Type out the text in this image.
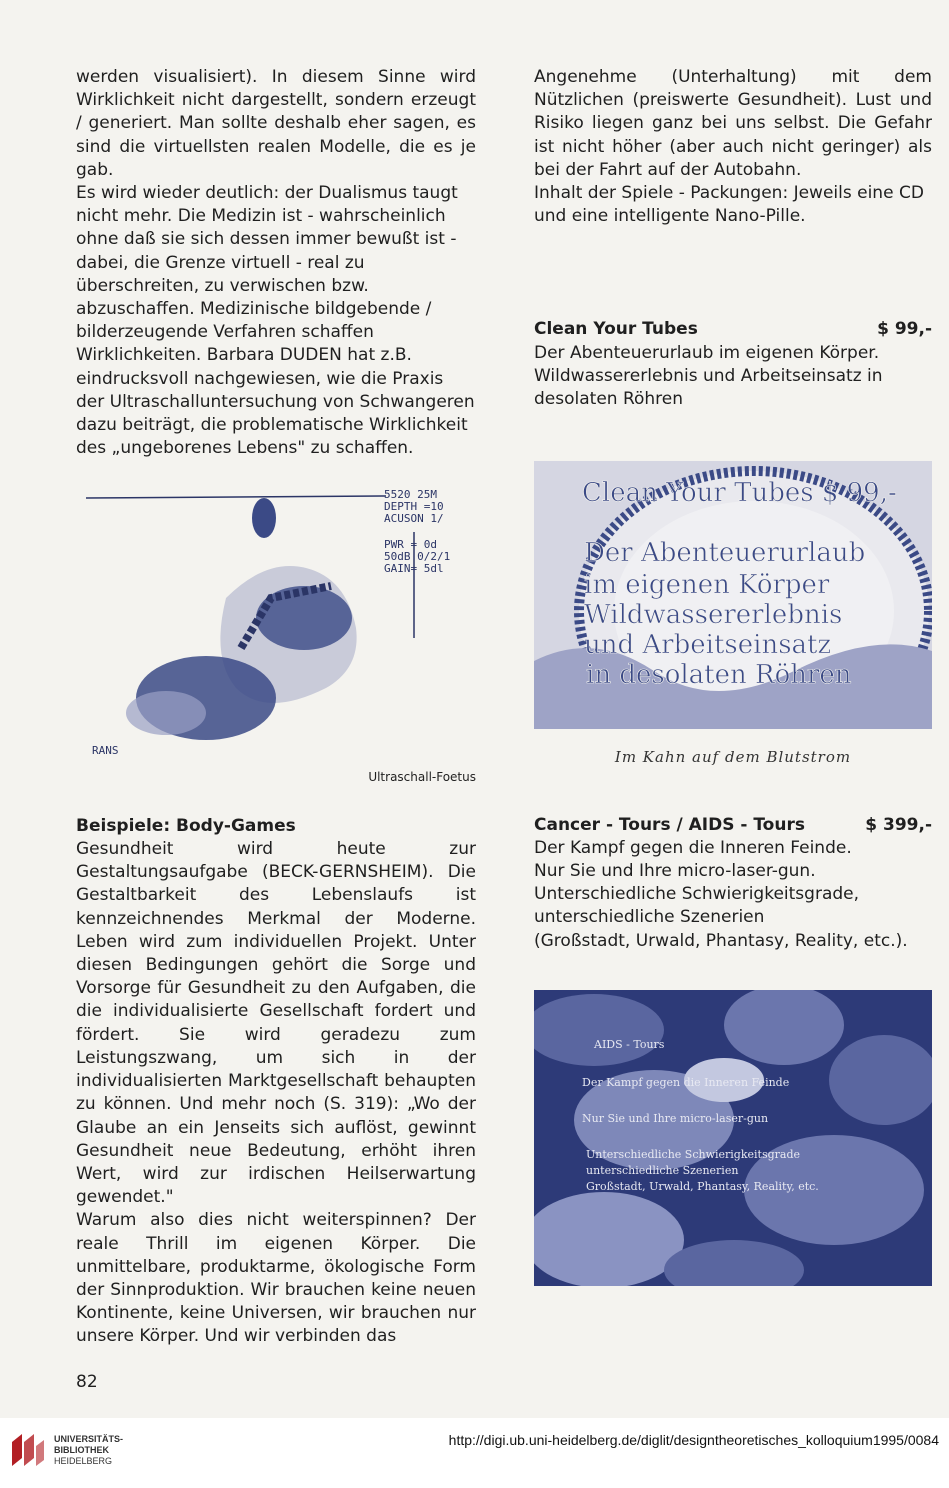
werden visualisiert). In diesem Sinne wird Wirklichkeit nicht dargestellt, sondern erzeugt / generiert. Man sollte deshalb eher sagen, es sind die virtuellsten realen Modelle, die es je gab.

Es wird wieder deutlich: der Dualismus taugt nicht mehr. Die Medizin ist - wahrscheinlich ohne daß sie sich dessen immer bewußt ist - dabei, die Grenze virtuell - real zu überschreiten, zu verwischen bzw. abzuschaffen. Medizinische bildgebende / bilderzeugende Verfahren schaffen Wirklichkeiten. Barbara DUDEN hat z.B. eindrucksvoll nachgewiesen, wie die Praxis der Ultraschalluntersuchung von Schwangeren dazu beiträgt, die problematische Wirklichkeit des „ungeborenes Lebens" zu schaffen.

5520 25M
DEPTH =10
ACUSON 1/
PWR = 0d
50dB 0/2/1
GAIN= 5dl
RANS
Ultraschall-Foetus
Beispiele: Body-Games

Gesundheit wird heute zur Gestaltungsaufgabe (BECK-GERNSHEIM). Die Gestaltbarkeit des Lebenslaufs ist kennzeichnendes Merkmal der Moderne. Leben wird zum individuellen Projekt. Unter diesen Bedingungen gehört die Sorge und Vorsorge für Gesundheit zu den Aufgaben, die die individualisierte Gesellschaft fordert und fördert. Sie wird geradezu zum Leistungszwang, um sich in der individualisierten Marktgesellschaft behaupten zu können. Und mehr noch (S. 319): „Wo der Glaube an ein Jenseits sich auflöst, gewinnt Gesundheit neue Bedeutung, erhöht ihren Wert, wird zur irdischen Heilserwartung gewendet."

Warum also dies nicht weiterspinnen? Der reale Thrill im eigenen Körper. Die unmittelbare, produktarme, ökologische Form der Sinnproduktion. Wir brauchen keine neuen Kontinente, keine Universen, wir brauchen nur unsere Körper. Und wir verbinden das

Angenehme (Unterhaltung) mit dem Nützlichen (preiswerte Gesundheit). Lust und Risiko liegen ganz bei uns selbst. Die Gefahr ist nicht höher (aber auch nicht geringer) als bei der Fahrt auf der Autobahn.

Inhalt der Spiele - Packungen: Jeweils eine CD und eine intelligente Nano-Pille.

Clean Your Tubes	$ 99,-

Der Abenteuerurlaub im eigenen Körper. Wildwassererlebnis und Arbeitseinsatz in desolaten Röhren

Clean Your Tubes $ 99,-
Der Abenteuerurlaub
im eigenen Körper
Wildwassererlebnis
und Arbeitseinsatz
in desolaten Röhren
Im Kahn auf dem Blutstrom
Cancer - Tours / AIDS - Tours	$ 399,-

Der Kampf gegen die Inneren Feinde.

Nur Sie und Ihre micro-laser-gun.

Unterschiedliche Schwierigkeitsgrade, unterschiedliche Szenerien

(Großstadt, Urwald, Phantasy, Reality, etc.).

AIDS - Tours
Der Kampf gegen die Inneren Feinde
Nur Sie und Ihre micro-laser-gun
Unterschiedliche Schwierigkeitsgrade
unterschiedliche Szenerien
Großstadt, Urwald, Phantasy, Reality, etc.
82
UNIVERSITÄTS-
BIBLIOTHEK
HEIDELBERG
http://digi.ub.uni-heidelberg.de/diglit/designtheoretisches_kolloquium1995/0084
